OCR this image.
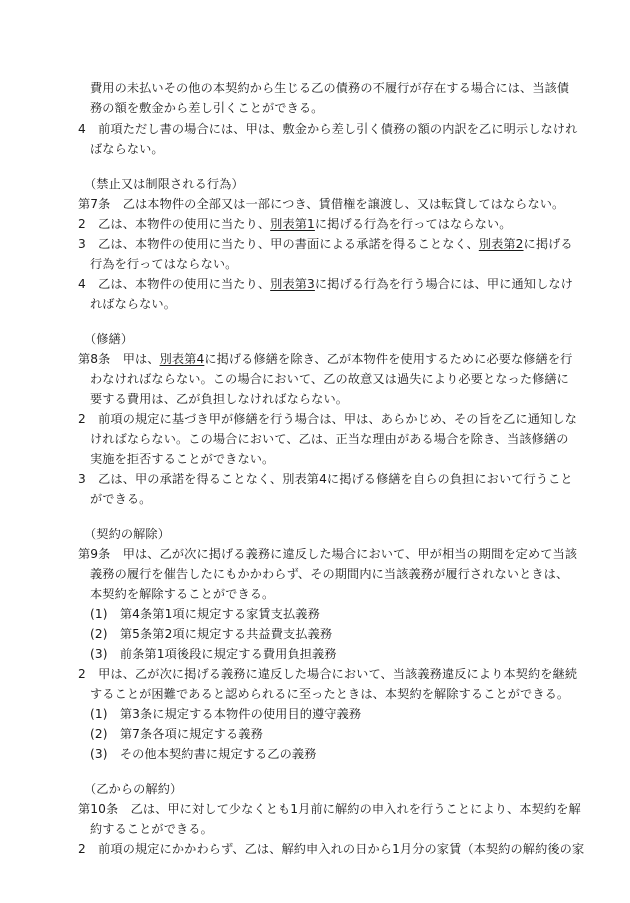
費用の未払いその他の本契約から生じる乙の債務の不履行が存在する場合には、当該債
務の額を敷金から差し引くことができる。
4　前項ただし書の場合には、甲は、敷金から差し引く債務の額の内訳を乙に明示しなけれ
ばならない。
（禁止又は制限される行為）
第7条　乙は本物件の全部又は一部につき、賃借権を譲渡し、又は転貸してはならない。
2　乙は、本物件の使用に当たり、別表第1に掲げる行為を行ってはならない。
3　乙は、本物件の使用に当たり、甲の書面による承諾を得ることなく、別表第2に掲げる
行為を行ってはならない。
4　乙は、本物件の使用に当たり、別表第3に掲げる行為を行う場合には、甲に通知しなけ
ればならない。
（修繕）
第8条　甲は、別表第4に掲げる修繕を除き、乙が本物件を使用するために必要な修繕を行
わなければならない。この場合において、乙の故意又は過失により必要となった修繕に
要する費用は、乙が負担しなければならない。
2　前項の規定に基づき甲が修繕を行う場合は、甲は、あらかじめ、その旨を乙に通知しな
ければならない。この場合において、乙は、正当な理由がある場合を除き、当該修繕の
実施を拒否することができない。
3　乙は、甲の承諾を得ることなく、別表第4に掲げる修繕を自らの負担において行うこと
ができる。
（契約の解除）
第9条　甲は、乙が次に掲げる義務に違反した場合において、甲が相当の期間を定めて当該
義務の履行を催告したにもかかわらず、その期間内に当該義務が履行されないときは、
本契約を解除することができる。
(1)　第4条第1項に規定する家賃支払義務
(2)　第5条第2項に規定する共益費支払義務
(3)　前条第1項後段に規定する費用負担義務
2　甲は、乙が次に掲げる義務に違反した場合において、当該義務違反により本契約を継続
することが困難であると認められるに至ったときは、本契約を解除することができる。
(1)　第3条に規定する本物件の使用目的遵守義務
(2)　第7条各項に規定する義務
(3)　その他本契約書に規定する乙の義務
（乙からの解約）
第10条　乙は、甲に対して少なくとも1月前に解約の申入れを行うことにより、本契約を解
約することができる。
2　前項の規定にかかわらず、乙は、解約申入れの日から1月分の家賃（本契約の解約後の家
